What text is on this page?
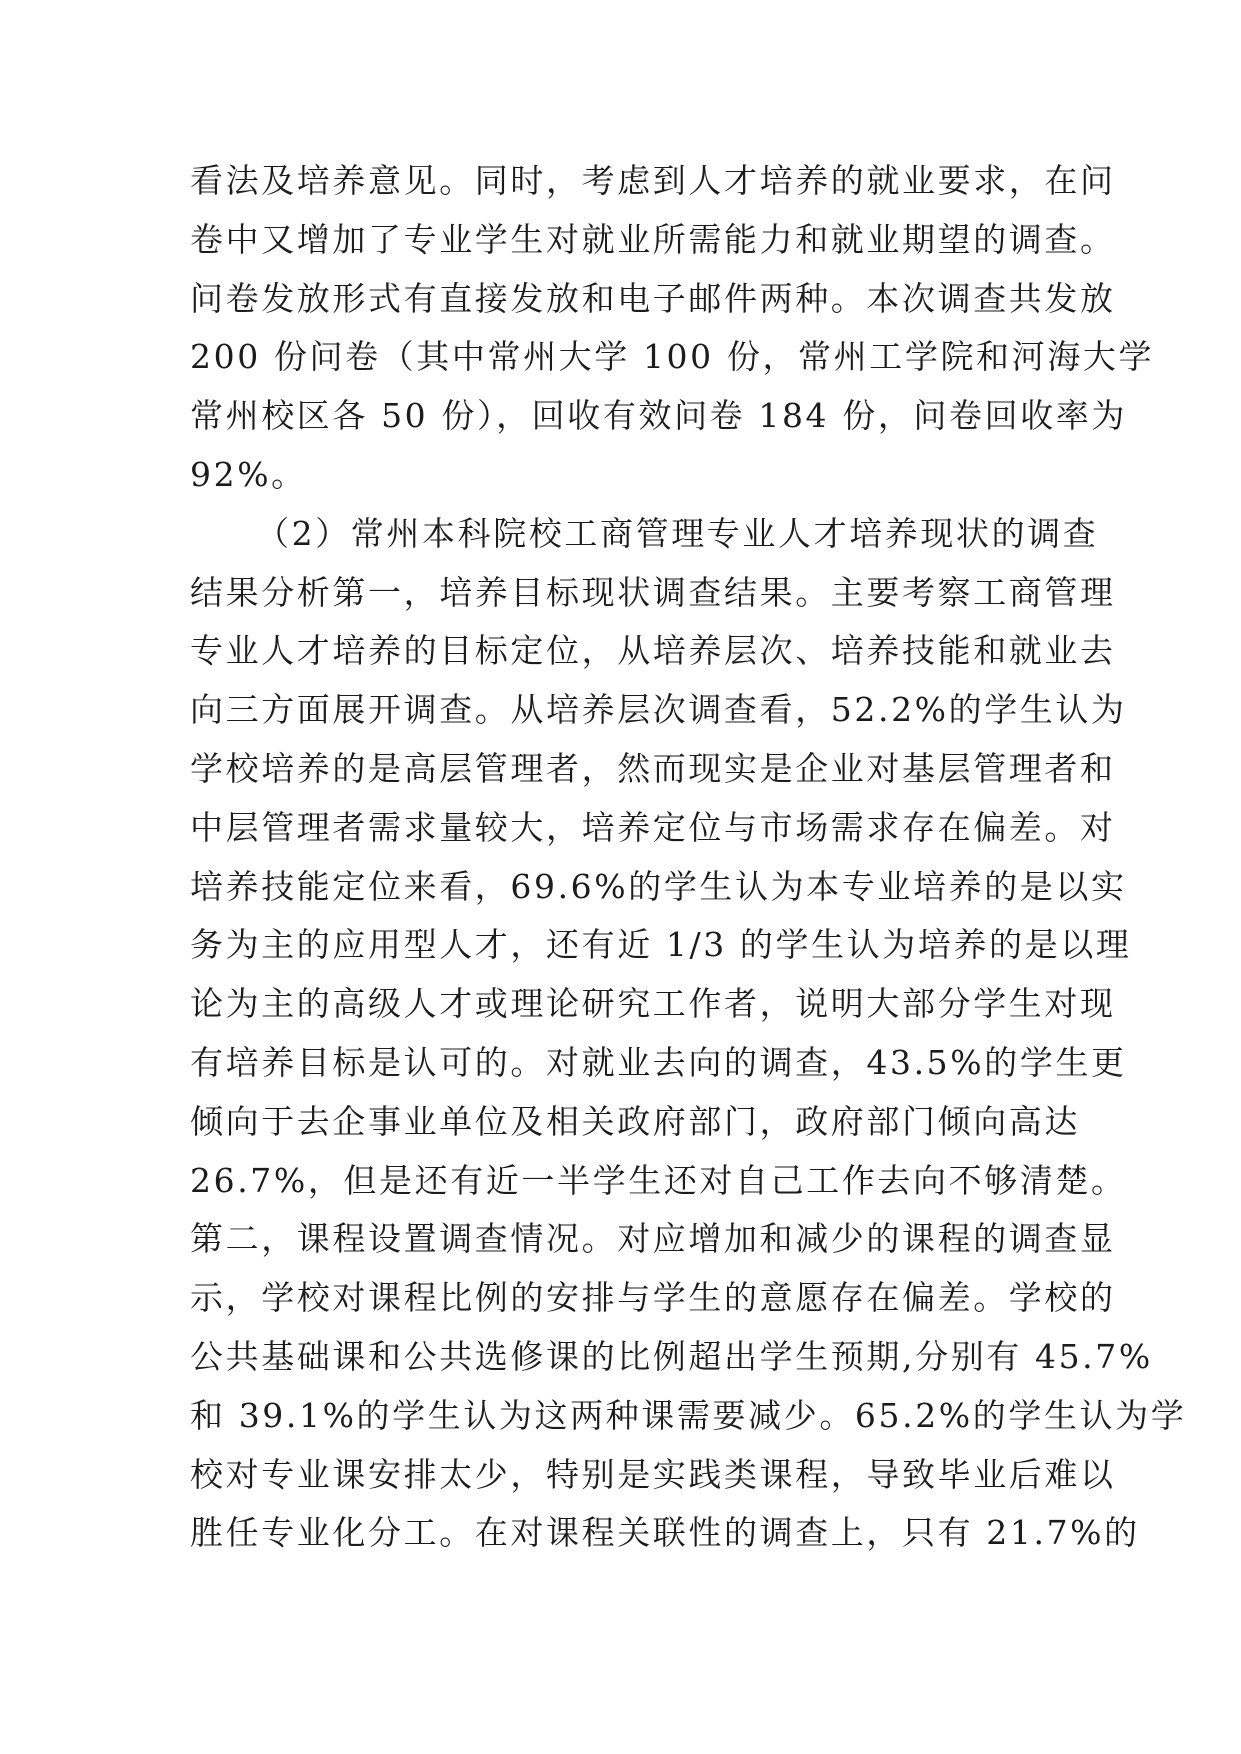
看法及培养意见。同时，考虑到人才培养的就业要求，在问
卷中又增加了专业学生对就业所需能力和就业期望的调查。
问卷发放形式有直接发放和电子邮件两种。本次调查共发放
200 份问卷（其中常州大学 100 份，常州工学院和河海大学
常州校区各 50 份），回收有效问卷 184 份，问卷回收率为
92%。
（2）常州本科院校工商管理专业人才培养现状的调查
结果分析第一，培养目标现状调查结果。主要考察工商管理
专业人才培养的目标定位，从培养层次、培养技能和就业去
向三方面展开调查。从培养层次调查看，52.2%的学生认为
学校培养的是高层管理者，然而现实是企业对基层管理者和
中层管理者需求量较大，培养定位与市场需求存在偏差。对
培养技能定位来看，69.6%的学生认为本专业培养的是以实
务为主的应用型人才，还有近 1/3 的学生认为培养的是以理
论为主的高级人才或理论研究工作者，说明大部分学生对现
有培养目标是认可的。对就业去向的调查，43.5%的学生更
倾向于去企事业单位及相关政府部门，政府部门倾向高达
26.7%，但是还有近一半学生还对自己工作去向不够清楚。
第二，课程设置调查情况。对应增加和减少的课程的调查显
示，学校对课程比例的安排与学生的意愿存在偏差。学校的
公共基础课和公共选修课的比例超出学生预期,分别有 45.7%
和 39.1%的学生认为这两种课需要减少。65.2%的学生认为学
校对专业课安排太少，特别是实践类课程，导致毕业后难以
胜任专业化分工。在对课程关联性的调查上，只有 21.7%的
